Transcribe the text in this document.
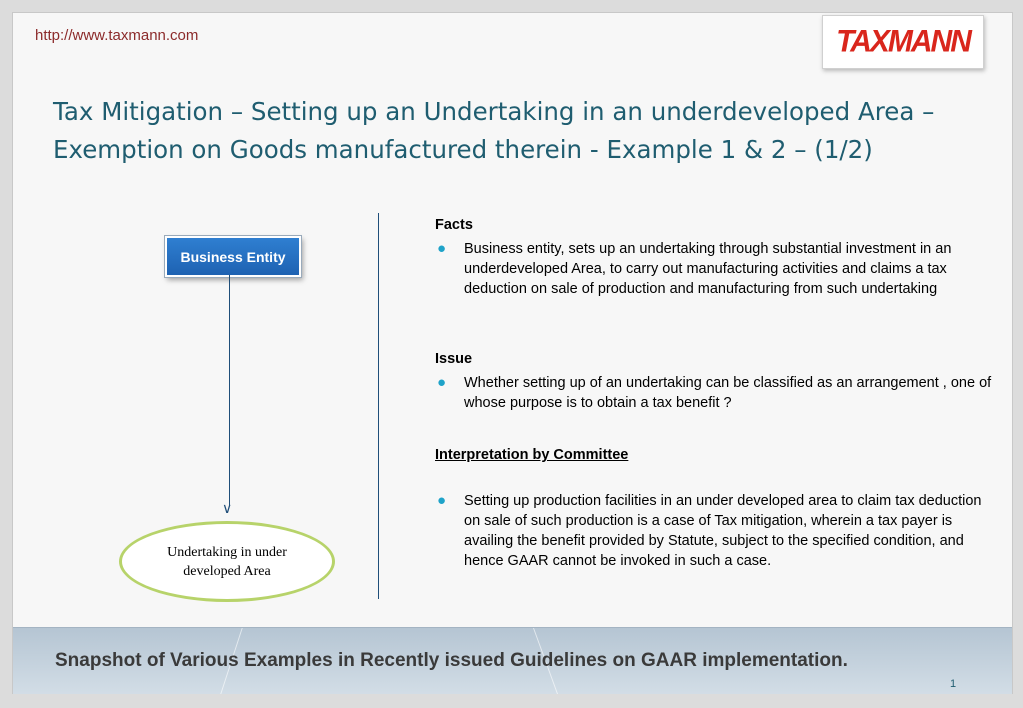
http://www.taxmann.com	TAXMANN
Tax Mitigation – Setting up an Undertaking in an underdeveloped Area – Exemption on Goods manufactured therein - Example 1 & 2 – (1/2)
Business Entity
∨
Undertaking in under developed Area

Facts

● Business entity, sets up an undertaking through substantial investment in an underdeveloped Area, to carry out manufacturing activities and claims a tax deduction on sale of production and manufacturing from such undertaking

Issue

● Whether setting up of an undertaking can be classified as an arrangement , one of whose purpose is to obtain a tax benefit ?

Interpretation by Committee

● Setting up production facilities in an under developed area to claim tax deduction on sale of such production is a case of Tax mitigation, wherein a tax payer is availing the benefit provided by Statute, subject to the specified condition, and hence GAAR cannot be invoked in such a case.

Snapshot of Various Examples in Recently issued Guidelines on GAAR implementation.
1
